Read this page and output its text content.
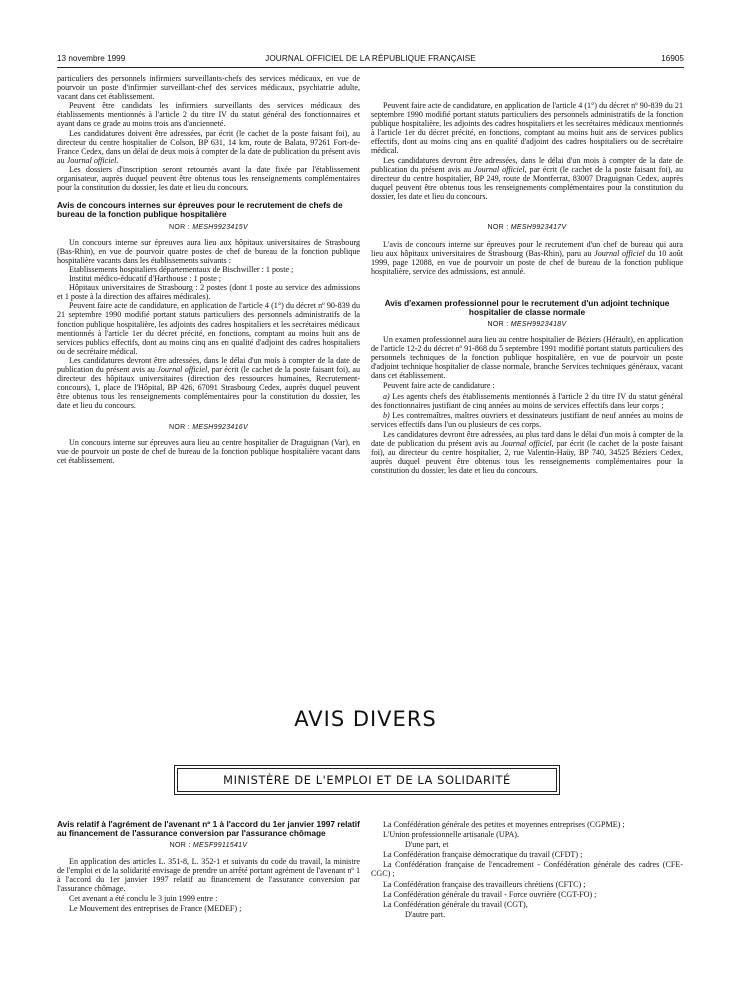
13 novembre 1999	JOURNAL OFFICIEL DE LA RÉPUBLIQUE FRANÇAISE	16905

particuliers des personnels infirmiers surveillants-chefs des services médicaux, en vue de pourvoir un poste d'infirmier surveillant-chef des services médicaux, psychiatrie adulte, vacant dans cet établissement.

Peuvent être candidats les infirmiers surveillants des services médicaux des établissements mentionnés à l'article 2 du titre IV du statut général des fonctionnaires et ayant dans ce grade au moins trois ans d'ancienneté.

Les candidatures doivent être adressées, par écrit (le cachet de la poste faisant foi), au directeur du centre hospitalier de Colson, BP 631, 14 km, route de Balata, 97261 Fort-de-France Cedex, dans un délai de deux mois à compter de la date de publication du présent avis au Journal officiel.

Les dossiers d'inscription seront retournés avant la date fixée par l'établissement organisateur, auprès duquel peuvent être obtenus tous les renseignements complémentaires pour la constitution du dossier, les date et lieu du concours.

Avis de concours internes sur épreuves pour le recrutement de chefs de bureau de la fonction publique hospitalière
NOR : MESH9923415V

Un concours interne sur épreuves aura lieu aux hôpitaux universitaires de Strasbourg (Bas-Rhin), en vue de pourvoir quatre postes de chef de bureau de la fonction publique hospitalière vacants dans les établissements suivants :

Etablissements hospitaliers départementaux de Bischwiller : 1 poste ;

Institut médico-éducatif d'Harthouse : 1 poste ;

Hôpitaux universitaires de Strasbourg : 2 postes (dont 1 poste au service des admissions et 1 poste à la direction des affaires médicales).

Peuvent faire acte de candidature, en application de l'article 4 (1°) du décret nº 90-839 du 21 septembre 1990 modifié portant statuts particuliers des personnels administratifs de la fonction publique hospitalière, les adjoints des cadres hospitaliers et les secrétaires médicaux mentionnés à l'article 1er du décret précité, en fonctions, comptant au moins huit ans de services publics effectifs, dont au moins cinq ans en qualité d'adjoint des cadres hospitaliers ou de secrétaire médical.

Les candidatures devront être adressées, dans le délai d'un mois à compter de la date de publication du présent avis au Journal officiel, par écrit (le cachet de la poste faisant foi), au directeur des hôpitaux universitaires (direction des ressources humaines, Recrutement-concours), 1, place de l'Hôpital, BP 426, 67091 Strasbourg Cedex, auprès duquel peuvent être obtenus tous les renseignements complémentaires pour la constitution du dossier, les date et lieu du concours.

NOR : MESH9923416V

Un concours interne sur épreuves aura lieu au centre hospitalier de Draguignan (Var), en vue de pourvoir un poste de chef de bureau de la fonction publique hospitalière vacant dans cet établissement.

Peuvent faire acte de candidature, en application de l'article 4 (1°) du décret nº 90-839 du 21 septembre 1990 modifié portant statuts particuliers des personnels administratifs de la fonction publique hospitalière, les adjoints des cadres hospitaliers et les secrétaires médicaux mentionnés à l'article 1er du décret précité, en fonctions, comptant au moins huit ans de services publics effectifs, dont au moins cinq ans en qualité d'adjoint des cadres hospitaliers ou de secrétaire médical.

Les candidatures devront être adressées, dans le délai d'un mois à compter de la date de publication du présent avis au Journal officiel, par écrit (le cachet de la poste faisant foi), au directeur du centre hospitalier, BP 249, route de Montferrat, 83007 Draguignan Cedex, auprès duquel peuvent être obtenus tous les renseignements complémentaires pour la constitution du dossier, les date et lieu du concours.

NOR : MESH9923417V

L'avis de concours interne sur épreuves pour le recrutement d'un chef de bureau qui aura lieu aux hôpitaux universitaires de Strasbourg (Bas-Rhin), paru au Journal officiel du 10 août 1999, page 12088, en vue de pourvoir un poste de chef de bureau de la fonction publique hospitalière, service des admissions, est annulé.

Avis d'examen professionnel pour le recrutement d'un adjoint technique hospitalier de classe normale
NOR : MESH9923418V

Un examen professionnel aura lieu au centre hospitalier de Béziers (Hérault), en application de l'article 12-2 du décret nº 91-868 du 5 septembre 1991 modifié portant statuts particuliers des personnels techniques de la fonction publique hospitalière, en vue de pourvoir un poste d'adjoint technique hospitalier de classe normale, branche Services techniques généraux, vacant dans cet établissement.

Peuvent faire acte de candidature :

a) Les agents chefs des établissements mentionnés à l'article 2 du titre IV du statut général des fonctionnaires justifiant de cinq années au moins de services effectifs dans leur corps ;

b) Les contremaîtres, maîtres ouvriers et dessinateurs justifiant de neuf années au moins de services effectifs dans l'un ou plusieurs de ces corps.

Les candidatures devront être adressées, au plus tard dans le délai d'un mois à compter de la date de publication du présent avis au Journal officiel, par écrit (le cachet de la poste faisant foi), au directeur du centre hospitalier, 2, rue Valentin-Haüy, BP 740, 34525 Béziers Cedex, auprès duquel peuvent être obtenus tous les renseignements complémentaires pour la constitution du dossier, les date et lieu du concours.

AVIS DIVERS
MINISTÈRE DE L'EMPLOI ET DE LA SOLIDARITÉ
Avis relatif à l'agrément de l'avenant nº 1 à l'accord du 1er janvier 1997 relatif au financement de l'assurance conversion par l'assurance chômage
NOR : MESF9911541V

En application des articles L. 351-8, L. 352-1 et suivants du code du travail, la ministre de l'emploi et de la solidarité envisage de prendre un arrêté portant agrément de l'avenant nº 1 à l'accord du 1er janvier 1997 relatif au financement de l'assurance conversion par l'assurance chômage.

Cet avenant a été conclu le 3 juin 1999 entre :

Le Mouvement des entreprises de France (MEDEF) ;

La Confédération générale des petites et moyennes entreprises (CGPME) ;

L'Union professionnelle artisanale (UPA).

D'une part, et

La Confédération française démocratique du travail (CFDT) ;

La Confédération française de l'encadrement - Confédération générale des cadres (CFE-CGC) ;

La Confédération française des travailleurs chrétiens (CFTC) ;

La Confédération générale du travail - Force ouvrière (CGT-FO) ;

La Confédération générale du travail (CGT),

D'autre part.
